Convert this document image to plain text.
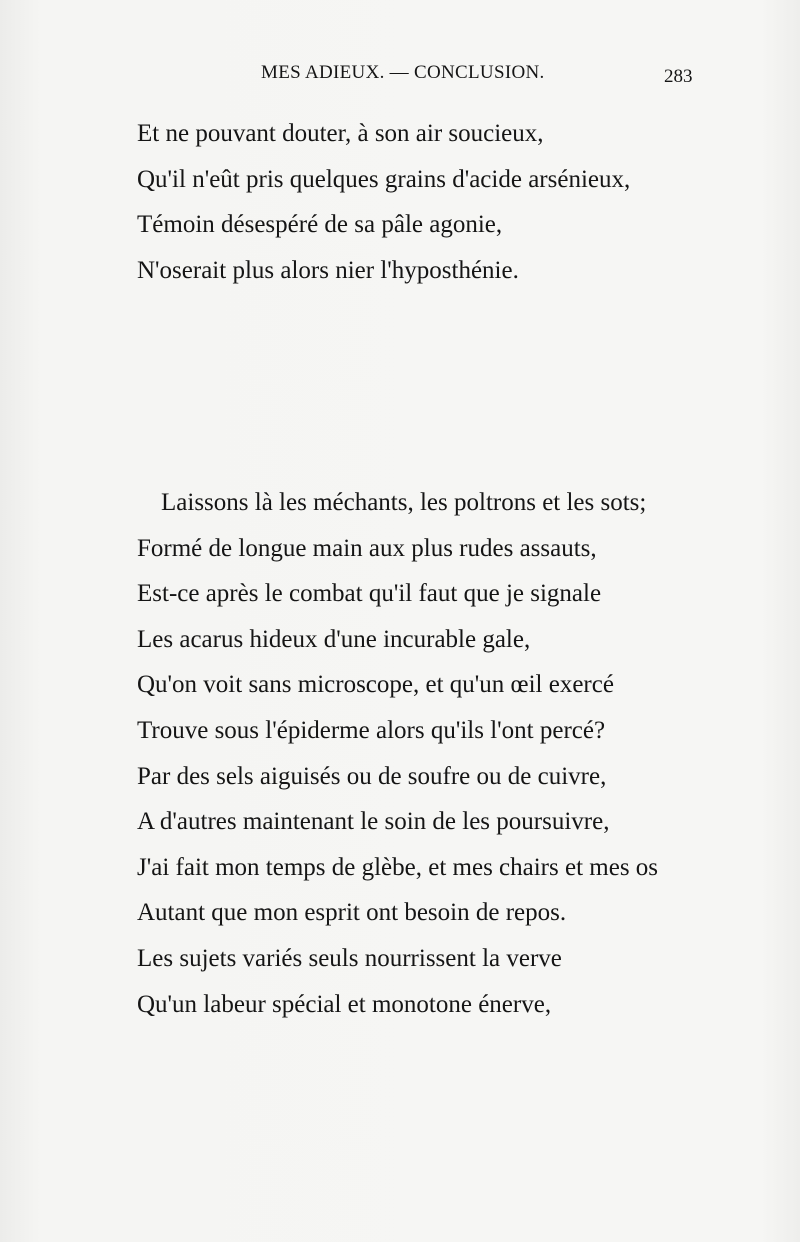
MES ADIEUX. — CONCLUSION.	283
Et ne pouvant douter, à son air soucieux,
Qu'il n'eût pris quelques grains d'acide arsénieux,
Témoin désespéré de sa pâle agonie,
N'oserait plus alors nier l'hyposthénie.
Laissons là les méchants, les poltrons et les sots;
Formé de longue main aux plus rudes assauts,
Est-ce après le combat qu'il faut que je signale
Les acarus hideux d'une incurable gale,
Qu'on voit sans microscope, et qu'un œil exercé
Trouve sous l'épiderme alors qu'ils l'ont percé?
Par des sels aiguisés ou de soufre ou de cuivre,
A d'autres maintenant le soin de les poursuivre,
J'ai fait mon temps de glèbe, et mes chairs et mes os
Autant que mon esprit ont besoin de repos.
Les sujets variés seuls nourrissent la verve
Qu'un labeur spécial et monotone énerve,
